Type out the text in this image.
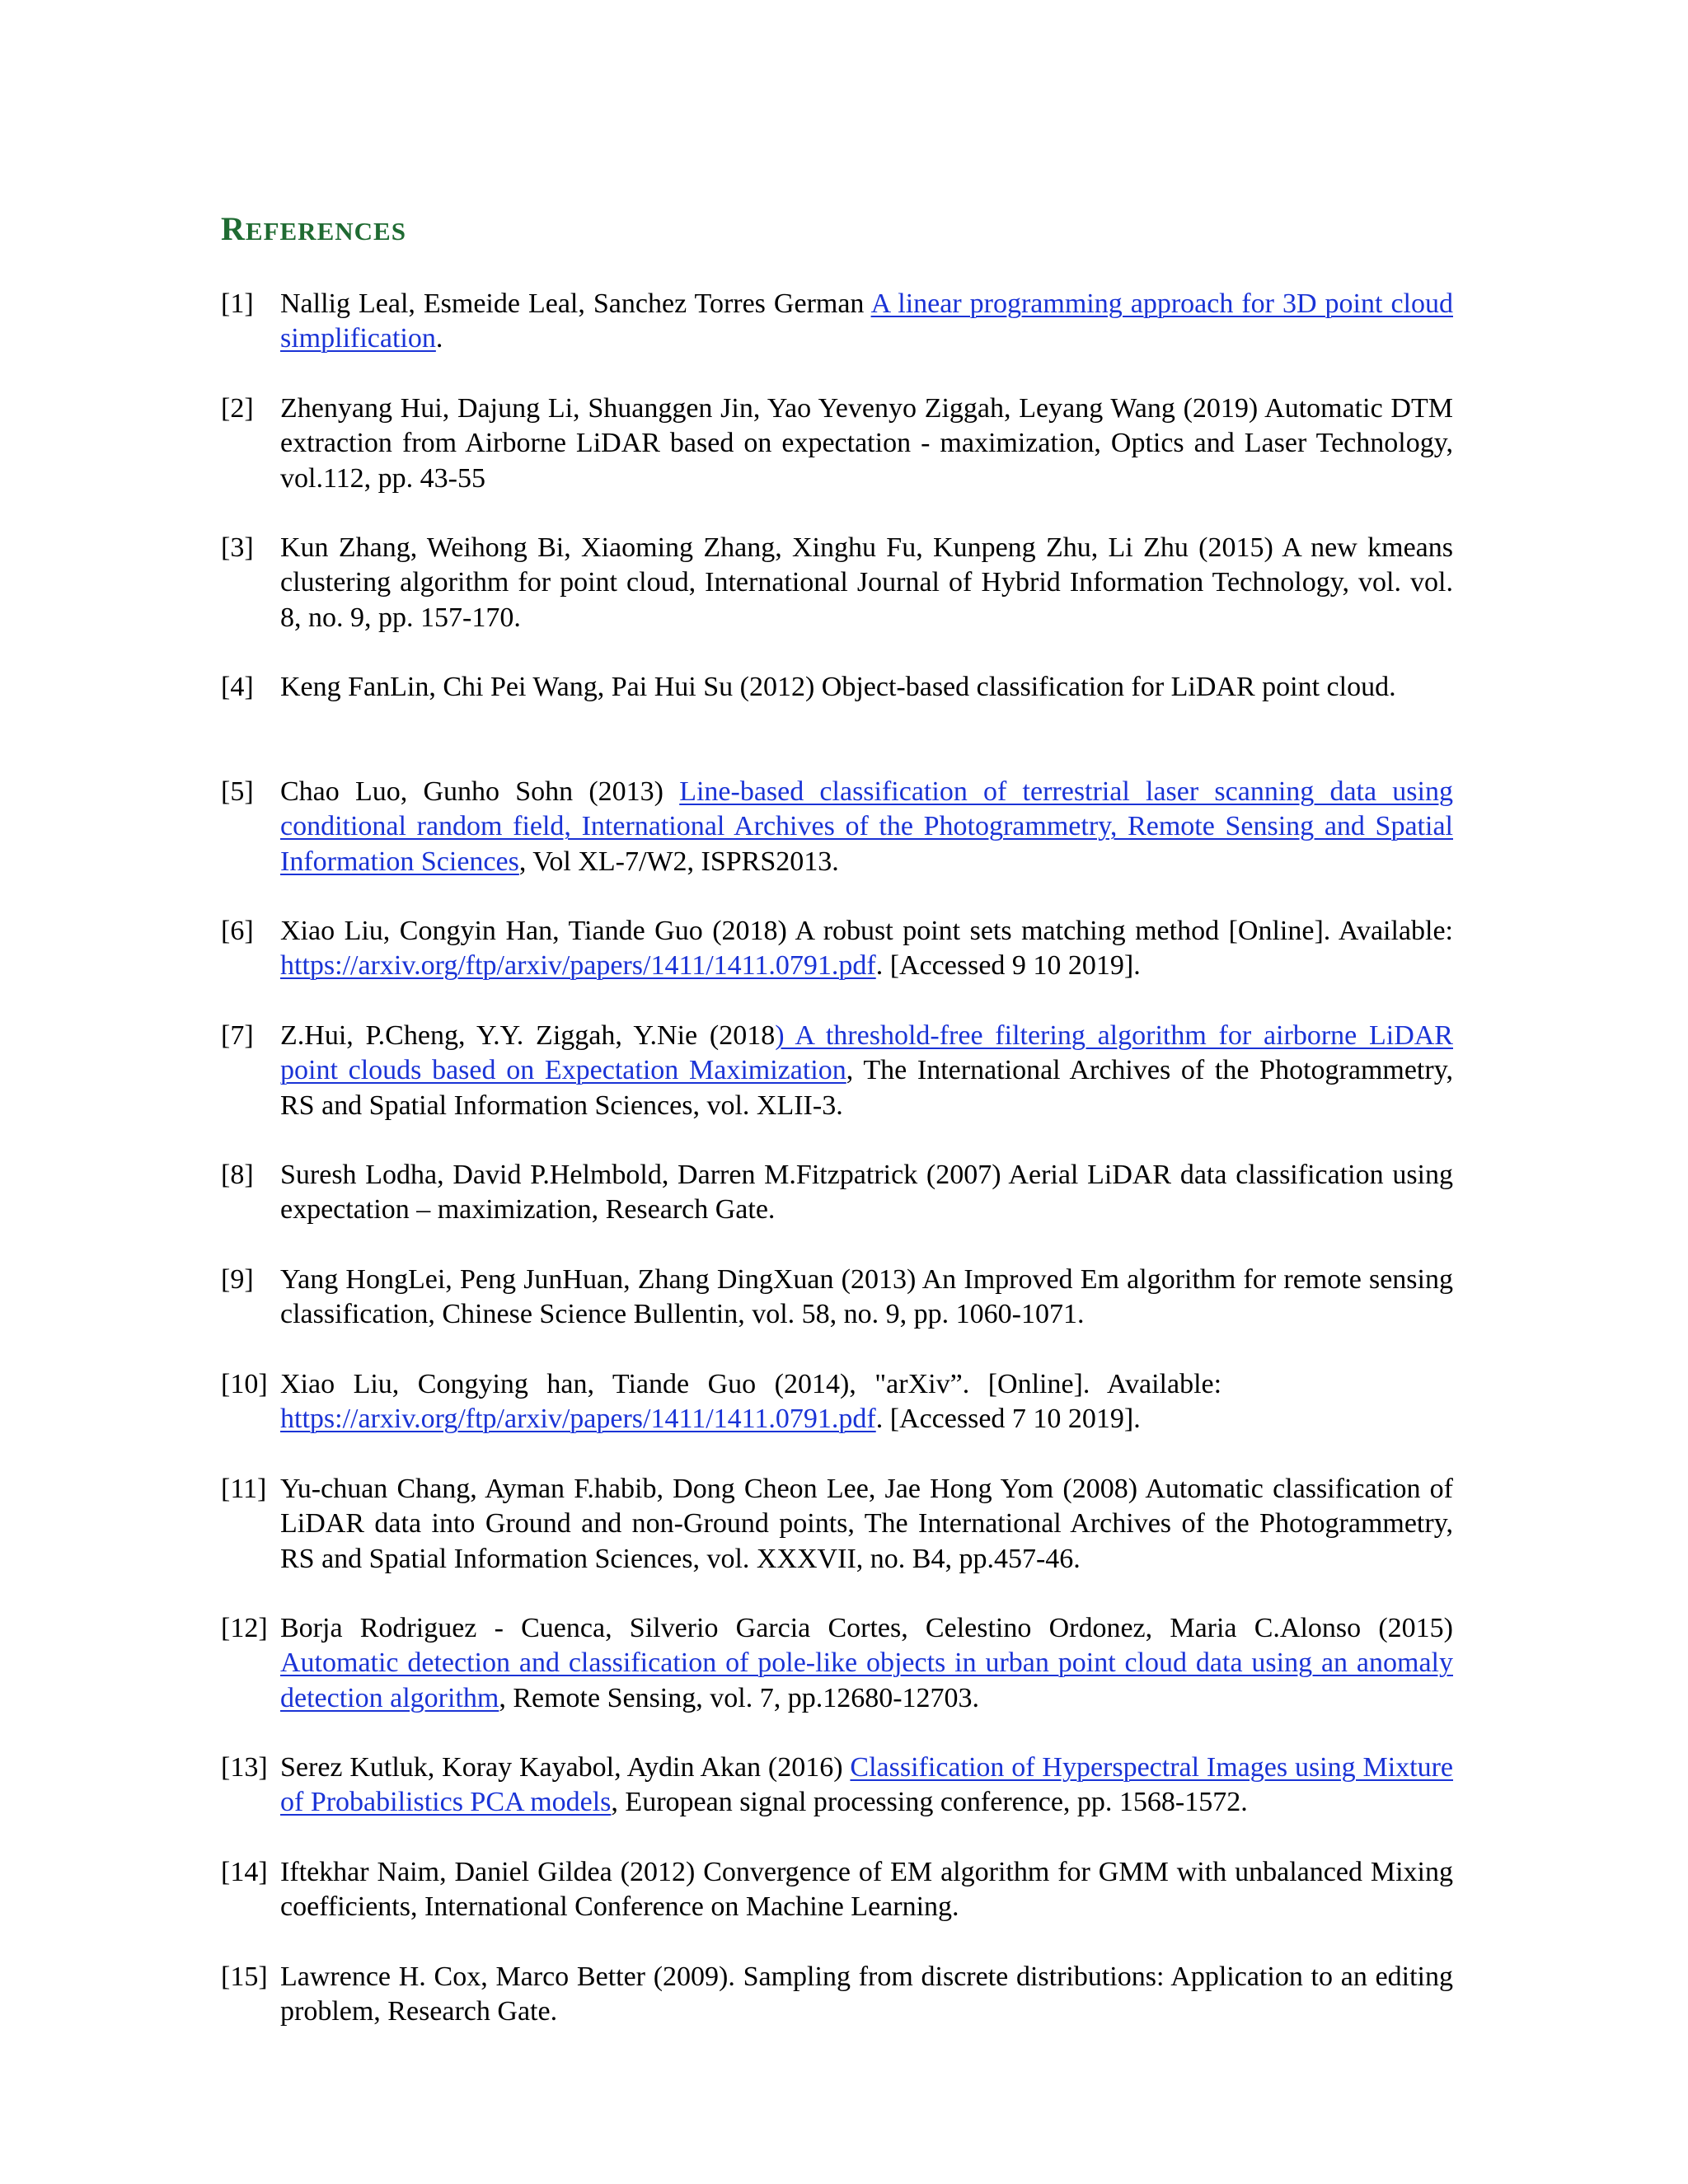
REFERENCES
[1] Nallig Leal, Esmeide Leal, Sanchez Torres German A linear programming approach for 3D point cloud simplification.
[2] Zhenyang Hui, Dajung Li, Shuanggen Jin, Yao Yevenyo Ziggah, Leyang Wang (2019) Automatic DTM extraction from Airborne LiDAR based on expectation - maximization, Optics and Laser Technology, vol.112, pp. 43-55
[3] Kun Zhang, Weihong Bi, Xiaoming Zhang, Xinghu Fu, Kunpeng Zhu, Li Zhu (2015) A new kmeans clustering algorithm for point cloud, International Journal of Hybrid Information Technology, vol. vol. 8, no. 9, pp. 157-170.
[4] Keng FanLin, Chi Pei Wang, Pai Hui Su (2012) Object-based classification for LiDAR point cloud.
[5] Chao Luo, Gunho Sohn (2013) Line-based classification of terrestrial laser scanning data using conditional random field, International Archives of the Photogrammetry, Remote Sensing and Spatial Information Sciences, Vol XL-7/W2, ISPRS2013.
[6] Xiao Liu, Congyin Han, Tiande Guo (2018) A robust point sets matching method [Online]. Available: https://arxiv.org/ftp/arxiv/papers/1411/1411.0791.pdf. [Accessed 9 10 2019].
[7] Z.Hui, P.Cheng, Y.Y. Ziggah, Y.Nie (2018) A threshold-free filtering algorithm for airborne LiDAR point clouds based on Expectation Maximization, The International Archives of the Photogrammetry, RS and Spatial Information Sciences, vol. XLII-3.
[8] Suresh Lodha, David P.Helmbold, Darren M.Fitzpatrick (2007) Aerial LiDAR data classification using expectation – maximization, Research Gate.
[9] Yang HongLei, Peng JunHuan, Zhang DingXuan (2013) An Improved Em algorithm for remote sensing classification, Chinese Science Bullentin, vol. 58, no. 9, pp. 1060-1071.
[10] Xiao Liu, Congying han, Tiande Guo (2014), "arXiv”. [Online]. Available:
https://arxiv.org/ftp/arxiv/papers/1411/1411.0791.pdf. [Accessed 7 10 2019].
[11] Yu-chuan Chang, Ayman F.habib, Dong Cheon Lee, Jae Hong Yom (2008) Automatic classification of LiDAR data into Ground and non-Ground points, The International Archives of the Photogrammetry, RS and Spatial Information Sciences, vol. XXXVII, no. B4, pp.457-46.
[12] Borja Rodriguez - Cuenca, Silverio Garcia Cortes, Celestino Ordonez, Maria C.Alonso (2015) Automatic detection and classification of pole-like objects in urban point cloud data using an anomaly detection algorithm, Remote Sensing, vol. 7, pp.12680-12703.
[13] Serez Kutluk, Koray Kayabol, Aydin Akan (2016) Classification of Hyperspectral Images using Mixture of Probabilistics PCA models, European signal processing conference, pp. 1568-1572.
[14] Iftekhar Naim, Daniel Gildea (2012) Convergence of EM algorithm for GMM with unbalanced Mixing coefficients, International Conference on Machine Learning.
[15] Lawrence H. Cox, Marco Better (2009). Sampling from discrete distributions: Application to an editing problem, Research Gate.
